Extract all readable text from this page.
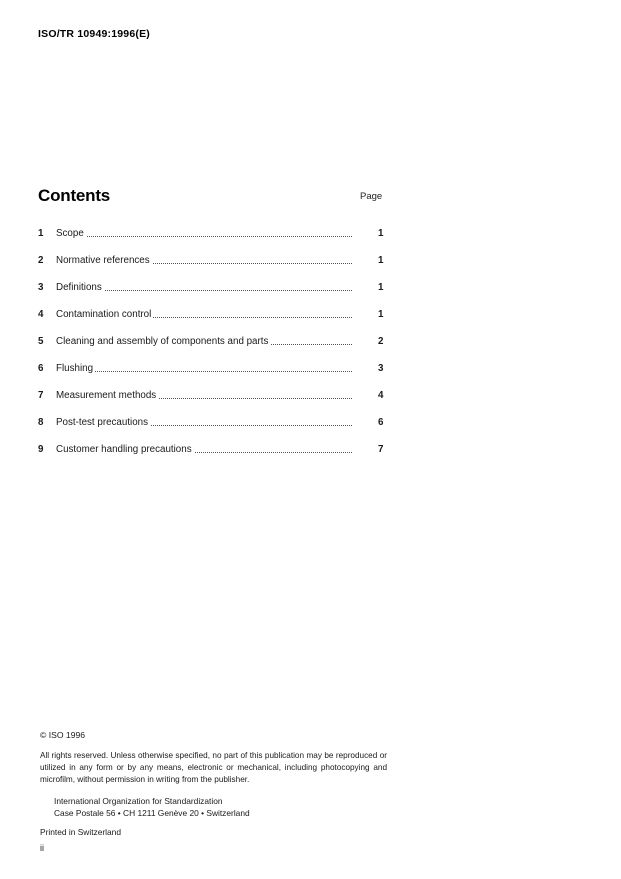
ISO/TR 10949:1996(E)
Contents	Page
1	Scope	1
2	Normative references	1
3	Definitions	1
4	Contamination control	1
5	Cleaning and assembly of components and parts	2
6	Flushing	3
7	Measurement methods	4
8	Post-test precautions	6
9	Customer handling precautions	7
© ISO 1996
All rights reserved. Unless otherwise specified, no part of this publication may be reproduced or utilized in any form or by any means, electronic or mechanical, including photocopying and microfilm, without permission in writing from the publisher.
International Organization for Standardization
Case Postale 56 • CH 1211 Genève 20 • Switzerland
Printed in Switzerland
ii
